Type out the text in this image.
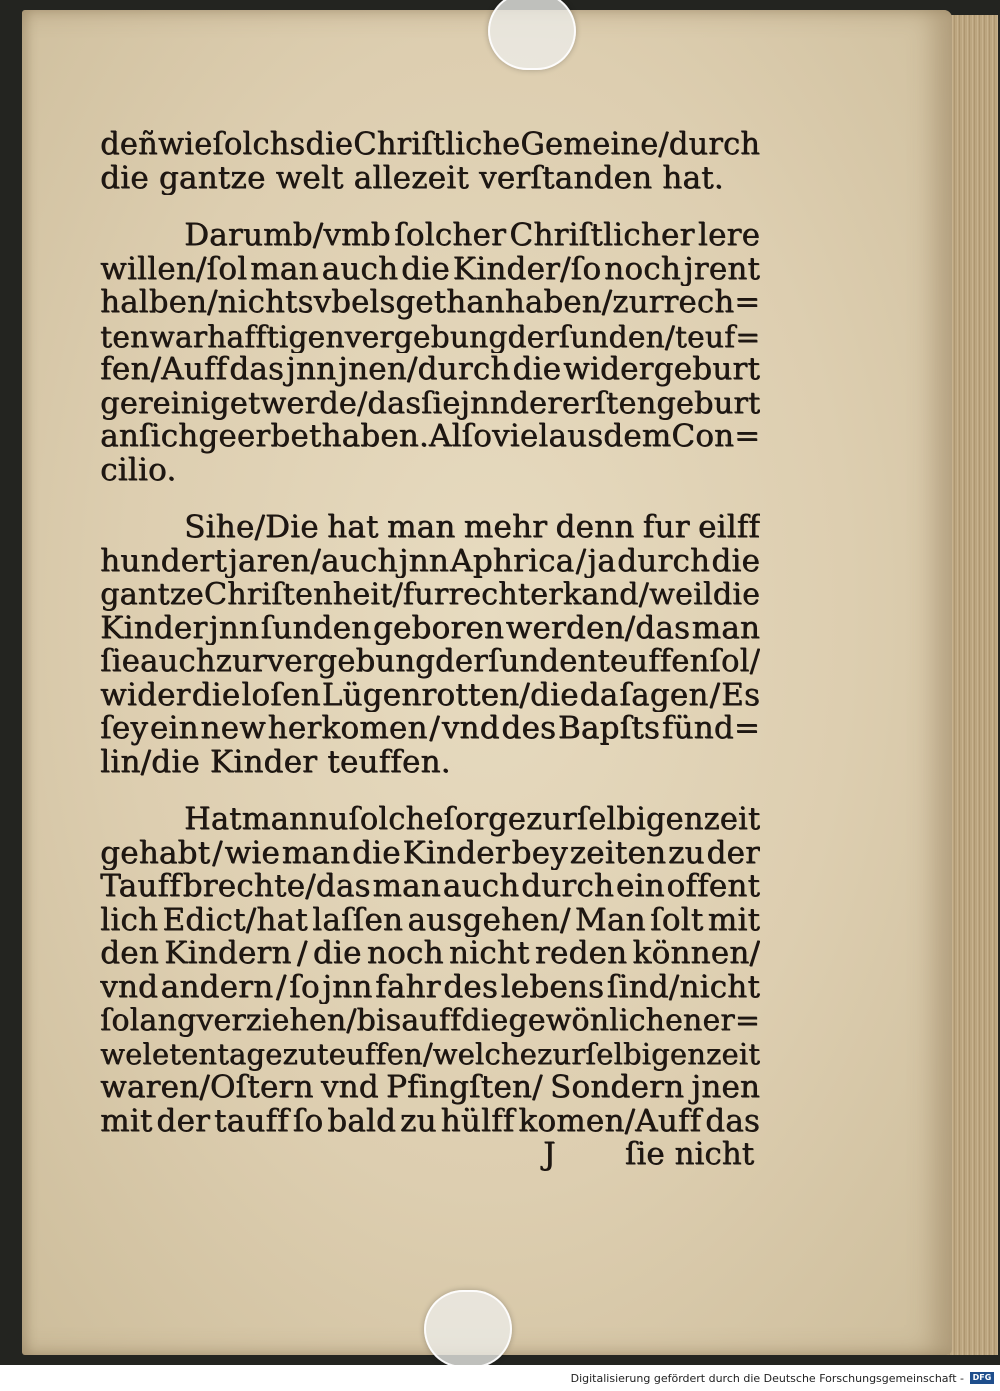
deñ wie ſolchs die Chriſtliche Gemeine/durch
die gantze welt allezeit verſtanden hat.
Darumb/vmb ſolcher Chriſtlicher lere
willen/ſol man auch die Kinder/ſo noch jrent
halben/nichts vbels gethan haben / zur rech=
ten warhafftigen vergebung der ſunden/teuf=
fen/Auff das jnn jnen/durch die widergeburt
gereiniget werde / das ſie jnn der erſten geburt
an ſich geerbet haben. Alſo viel aus dem Con=
cilio.
Sihe/Die hat man mehr denn fur eilff
hundert jaren/auch jnn Aphrica / ja durch die
gantze Chriſtenheit/fur recht erkand/weil die
Kinder jnn ſunden geboren werden/das man
ſie auch zur vergebung der ſunden teuffen ſol/
wider die loſen Lügenrotten/die da ſagen / Es
ſey ein new herkomen / vnd des Bapſts fünd=
lin/die Kinder teuffen.
Hat man nu ſolche ſorge zur ſelbigen zeit
gehabt / wie man die Kinder bey zeiten zu der
Tauff brechte/das man auch durch ein offent
lich Edict/hat laſſen ausgehen/ Man ſolt mit
den Kindern / die noch nicht reden können/
vnd andern / ſo jnn fahr des lebens ſind/nicht
ſo lang verziehen/bis auff die gewönlichen er=
weleten tage zu teuffen/welche zur ſelbigen zeit
waren/Oſtern vnd Pfingſten/ Sondern jnen
mit der tauff ſo bald zu hülff komen/Auff das
J ſie nicht
Digitalisierung gefördert durch die Deutsche Forschungsgemeinschaft -	DFG
